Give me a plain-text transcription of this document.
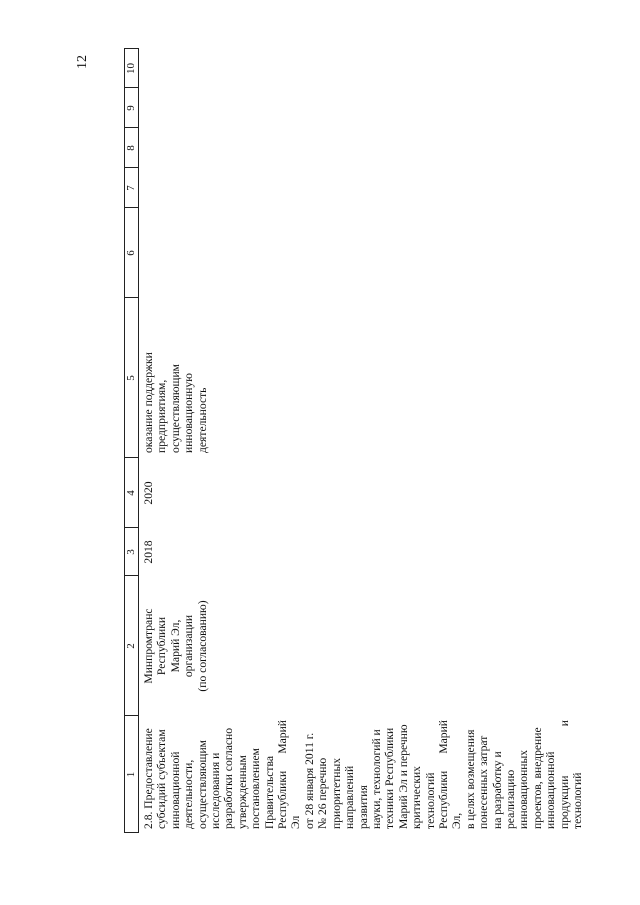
12
1
2
3
4
5
6
7
8
9
10
2.8. Предоставление субсидий субъектам инновационной деятельности, осуществляющим исследования и разработки согласно утвержденным постановлением Правительства Республики Марий Эл от 28 января 2011 г. № 26 перечню приоритетных направлений развития науки, технологий и техники Республики Марий Эл и перечню критических технологий Республики Марий Эл, в целях возмещения понесенных затрат на разработку и реализацию инновационных проектов, внедрение инновационной продукции и технологий
Минпромтранс Республики Марий Эл, организации (по согласованию)
2018
2020
оказание поддержки предприятиям, осуществляющим инновационную деятельность
